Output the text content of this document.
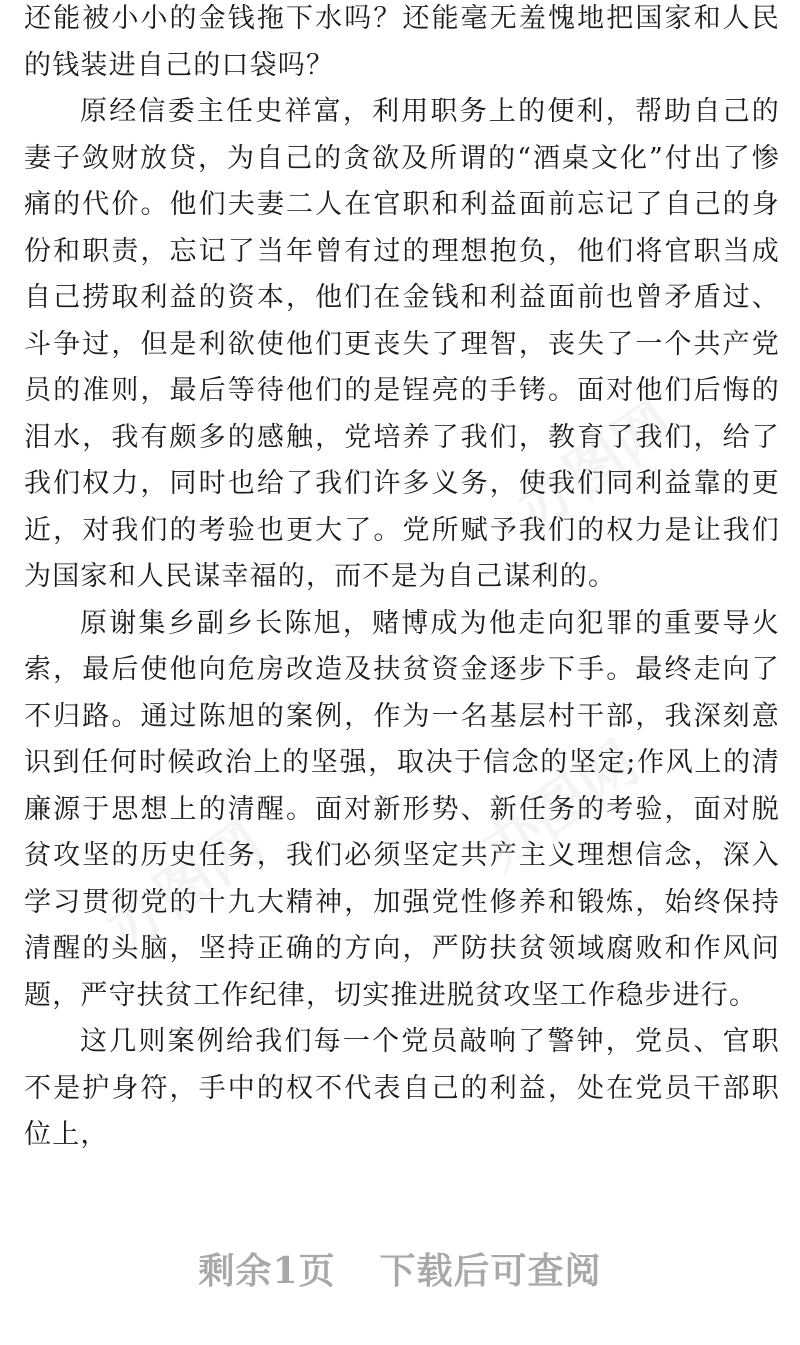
还能被小小的金钱拖下水吗？还能毫无羞愧地把国家和人民的钱装进自己的口袋吗？

原经信委主任史祥富，利用职务上的便利，帮助自己的妻子敛财放贷，为自己的贪欲及所谓的“酒桌文化”付出了惨痛的代价。他们夫妻二人在官职和利益面前忘记了自己的身份和职责，忘记了当年曾有过的理想抱负，他们将官职当成自己捞取利益的资本，他们在金钱和利益面前也曾矛盾过、斗争过，但是利欲使他们更丧失了理智，丧失了一个共产党员的准则，最后等待他们的是锃亮的手铐。面对他们后悔的泪水，我有颇多的感触，党培养了我们，教育了我们，给了我们权力，同时也给了我们许多义务，使我们同利益靠的更近，对我们的考验也更大了。党所赋予我们的权力是让我们为国家和人民谋幸福的，而不是为自己谋利的。

原谢集乡副乡长陈旭，赌博成为他走向犯罪的重要导火索，最后使他向危房改造及扶贫资金逐步下手。最终走向了不归路。通过陈旭的案例，作为一名基层村干部，我深刻意识到任何时候政治上的坚强，取决于信念的坚定;作风上的清廉源于思想上的清醒。面对新形势、新任务的考验，面对脱贫攻坚的历史任务，我们必须坚定共产主义理想信念，深入学习贯彻党的十九大精神，加强党性修养和锻炼，始终保持清醒的头脑，坚持正确的方向，严防扶贫领域腐败和作风问题，严守扶贫工作纪律，切实推进脱贫攻坚工作稳步进行。

这几则案例给我们每一个党员敲响了警钟，党员、官职不是护身符，手中的权不代表自己的利益，处在党员干部职位上，

剩余1页 下载后可查阅
